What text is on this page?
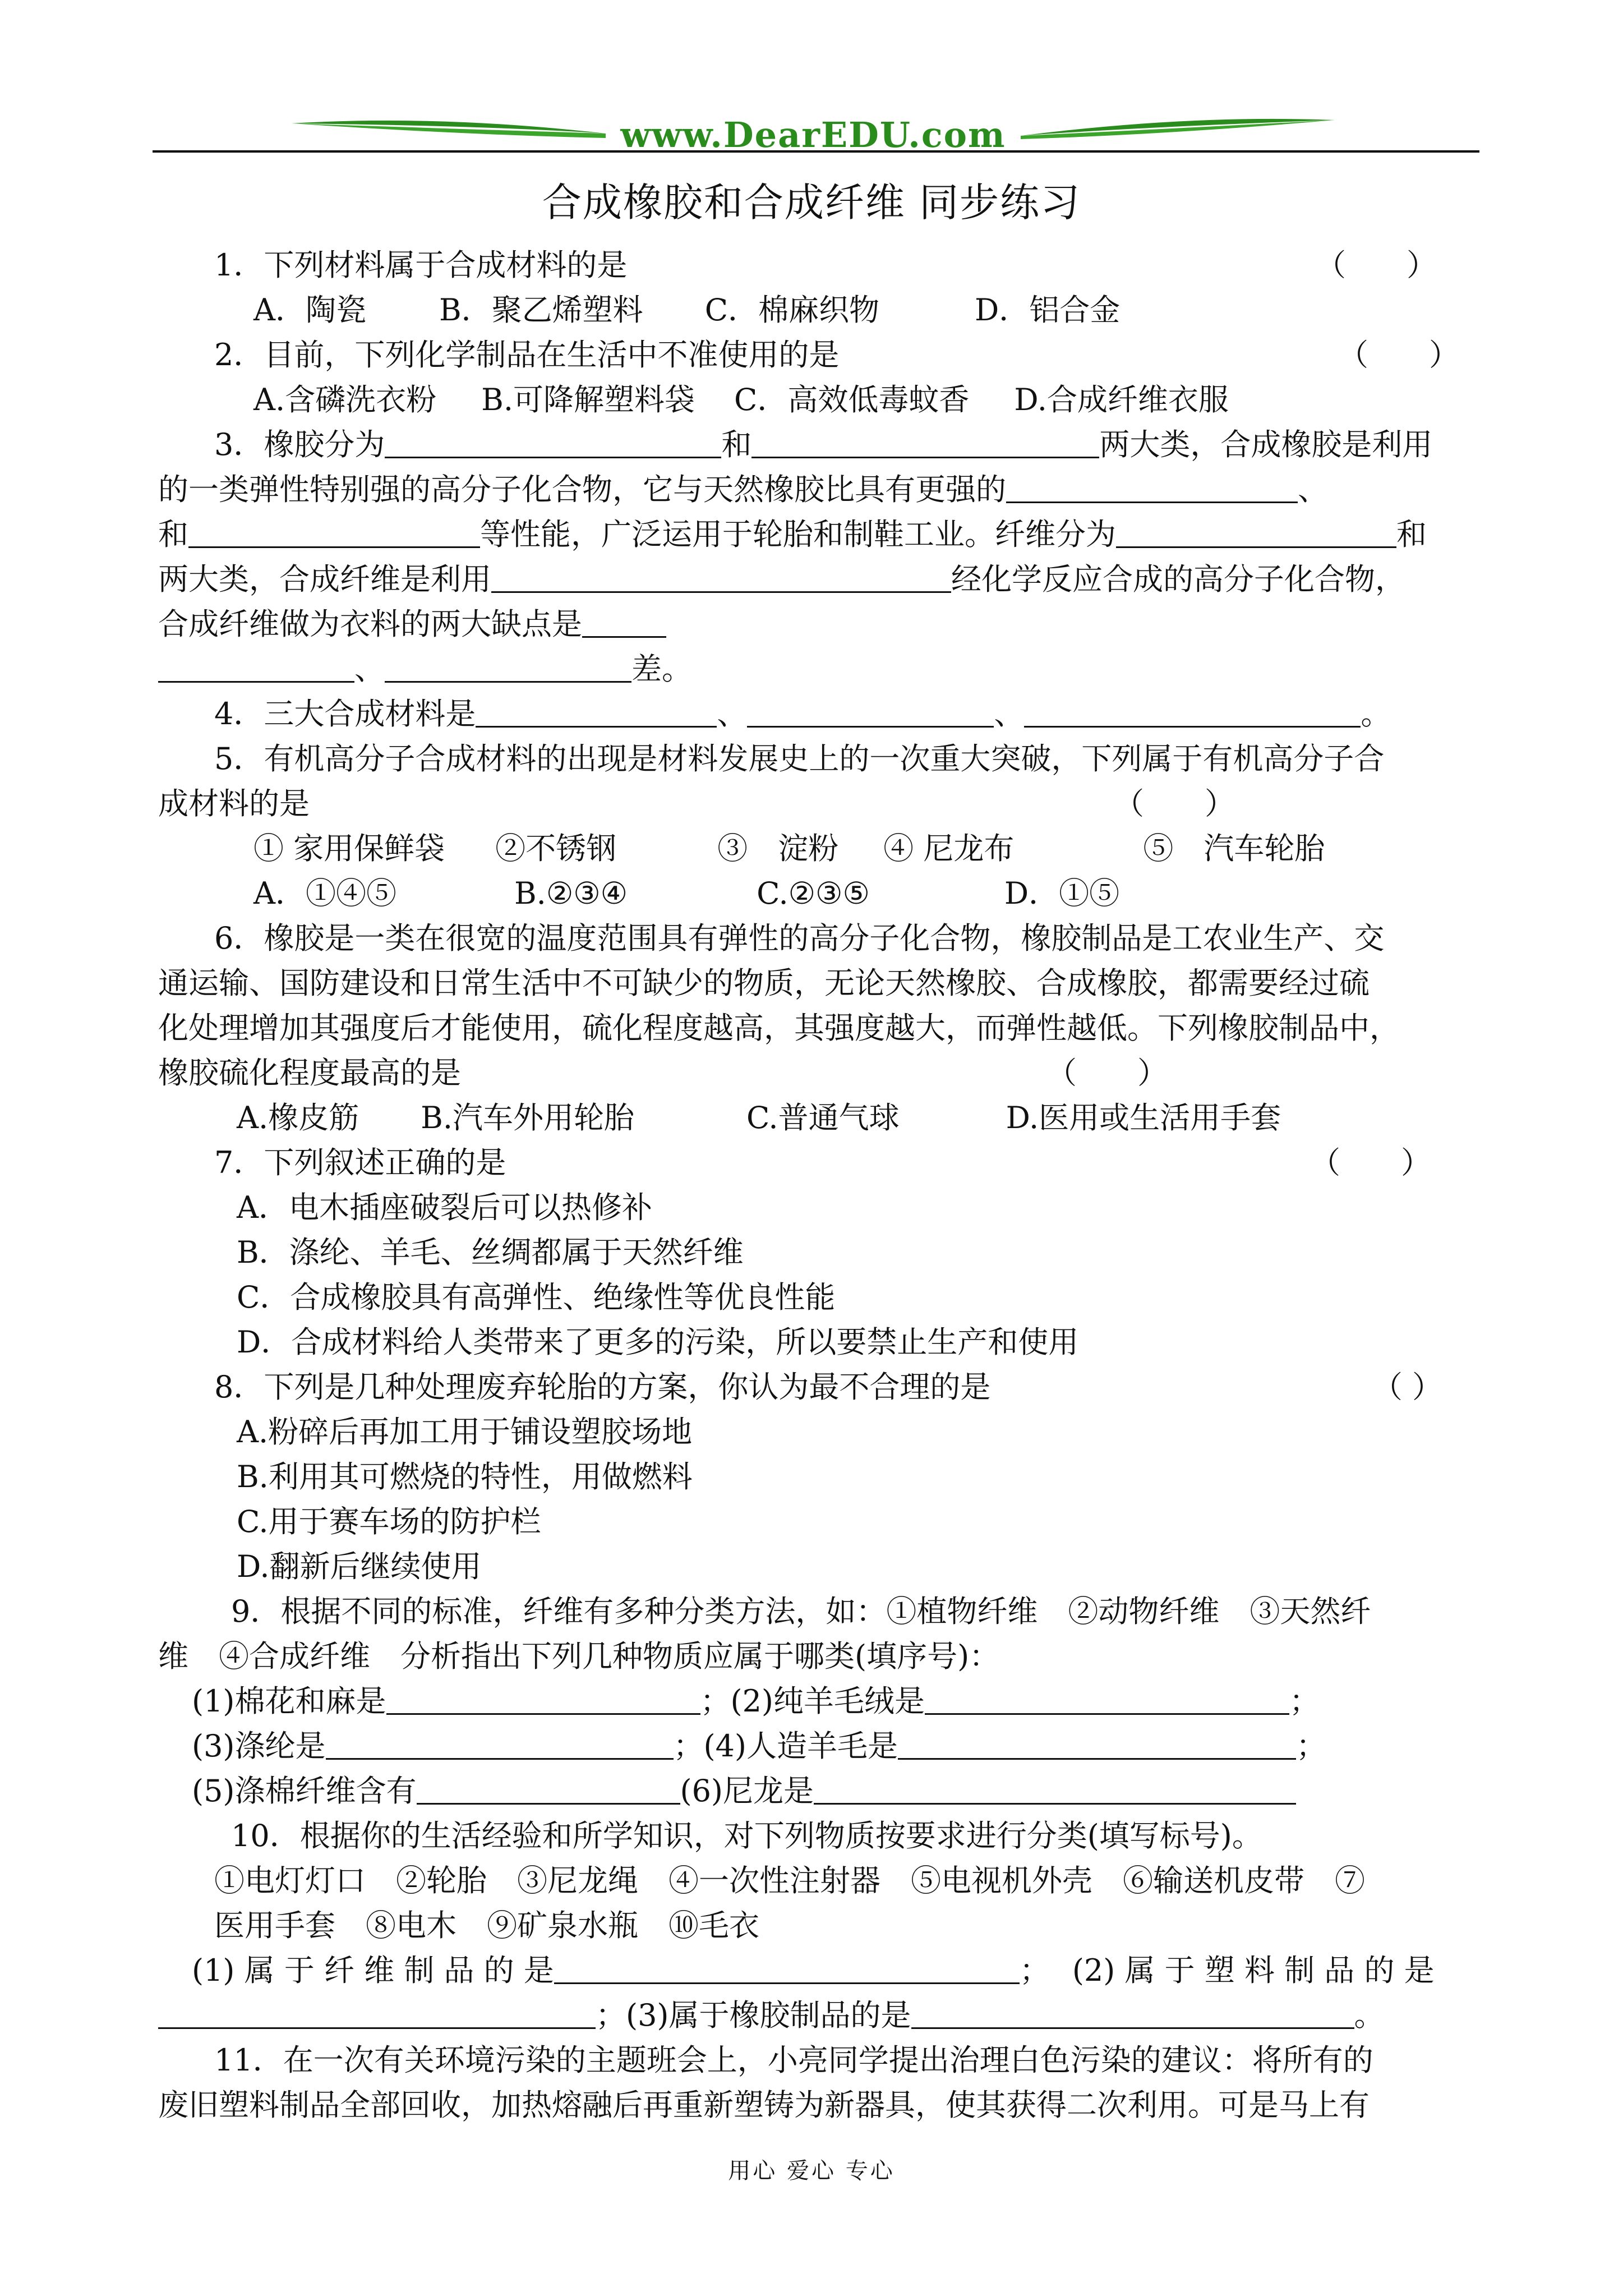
www.DearEDU.com
合成橡胶和合成纤维 同步练习
1．下列材料属于合成材料的是	（　　）
A．陶瓷 B．聚乙烯塑料 C．棉麻织物	D．铝合金
2．目前，下列化学制品在生活中不准使用的是	（　　）
A.含磷洗衣粉 B.可降解塑料袋 C．高效低毒蚊香 D.合成纤维衣服
3．橡胶分为	和	两大类，合成橡胶是利用
的一类弹性特别强的高分子化合物，它与天然橡胶比具有更强的	、
和	等性能，广泛运用于轮胎和制鞋工业。纤维分为	和
两大类，合成纤维是利用	经化学反应合成的高分子化合物，
合成纤维做为衣料的两大缺点是
、	差。
4．三大合成材料是	、	、	。
5．有机高分子合成材料的出现是材料发展史上的一次重大突破，下列属于有机高分子合
成材料的是	（　　）
① 家用保鲜袋 ②不锈钢	③　淀粉 ④ 尼龙布	⑤　汽车轮胎
A．①④⑤	B.②③④	C.②③⑤	D．①⑤
6．橡胶是一类在很宽的温度范围具有弹性的高分子化合物，橡胶制品是工农业生产、交
通运输、国防建设和日常生活中不可缺少的物质，无论天然橡胶、合成橡胶，都需要经过硫
化处理增加其强度后才能使用，硫化程度越高，其强度越大，而弹性越低。下列橡胶制品中，
橡胶硫化程度最高的是	（　　）
A.橡皮筋 B.汽车外用轮胎	C.普通气球	D.医用或生活用手套
7．下列叙述正确的是	（　　）
A．电木插座破裂后可以热修补
B．涤纶、羊毛、丝绸都属于天然纤维
C．合成橡胶具有高弹性、绝缘性等优良性能
D．合成材料给人类带来了更多的污染，所以要禁止生产和使用
8．下列是几种处理废弃轮胎的方案，你认为最不合理的是	（ ）
A.粉碎后再加工用于铺设塑胶场地
B.利用其可燃烧的特性，用做燃料
C.用于赛车场的防护栏
D.翻新后继续使用
9．根据不同的标准，纤维有多种分类方法，如：①植物纤维　②动物纤维　③天然纤
维　④合成纤维　分析指出下列几种物质应属于哪类(填序号)：
(1)棉花和麻是	；(2)纯羊毛绒是	；
(3)涤纶是	；(4)人造羊毛是	；
(5)涤棉纤维含有	(6)尼龙是
10．根据你的生活经验和所学知识，对下列物质按要求进行分类(填写标号)。
①电灯灯口　②轮胎　③尼龙绳　④一次性注射器　⑤电视机外壳　⑥输送机皮带　⑦
医用手套　⑧电木　⑨矿泉水瓶　⑩毛衣
(1) 属 于 纤 维 制 品 的 是	； (2) 属 于 塑 料 制 品 的 是
；(3)属于橡胶制品的是	。
11．在一次有关环境污染的主题班会上，小亮同学提出治理白色污染的建议：将所有的
废旧塑料制品全部回收，加热熔融后再重新塑铸为新器具，使其获得二次利用。可是马上有
用心 爱心 专心
